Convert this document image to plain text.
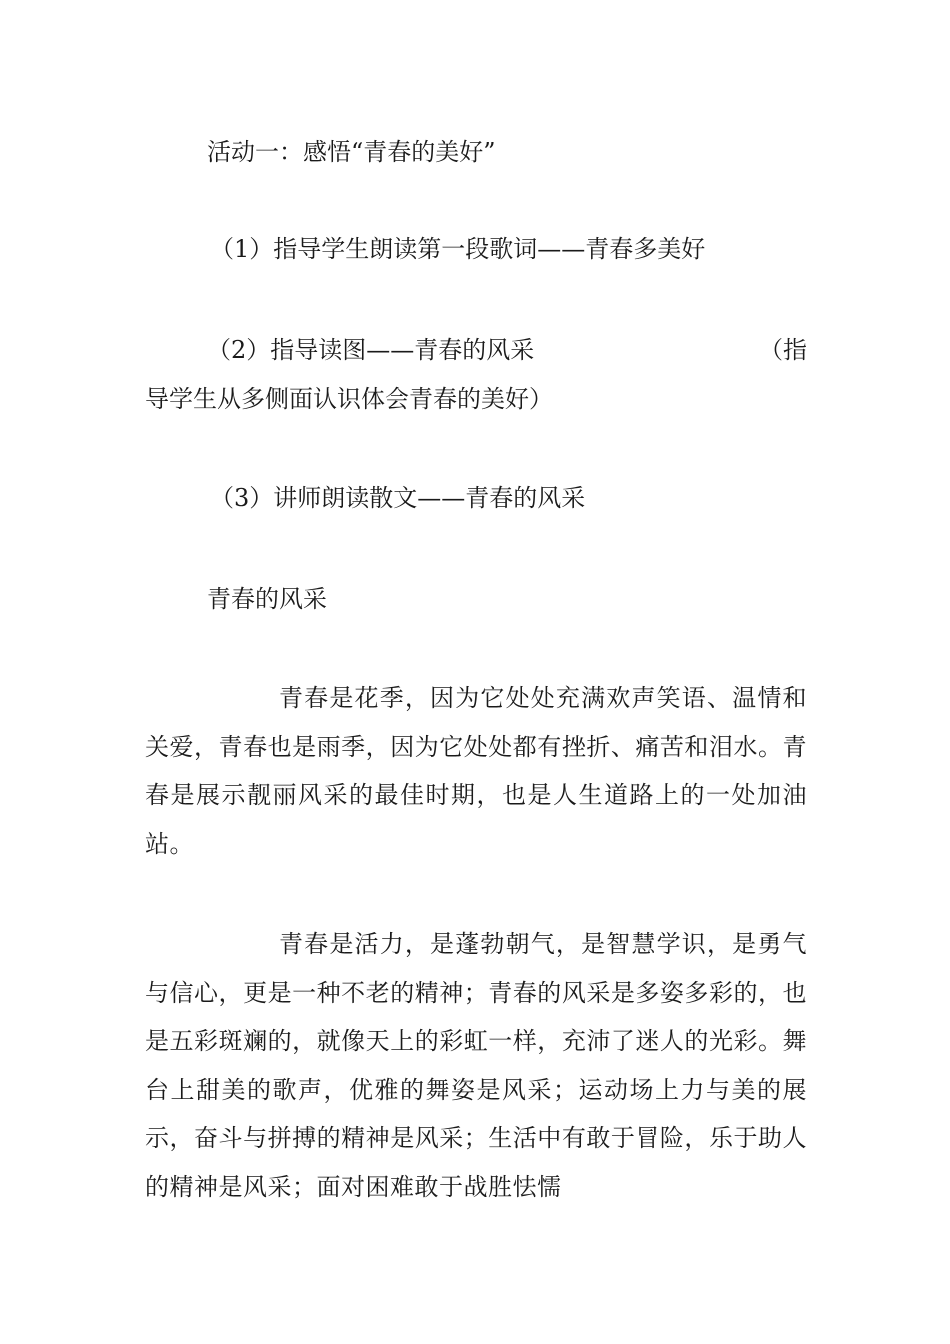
活动一：感悟“青春的美好”
（1）指导学生朗读第一段歌词——青春多美好
（2）指导读图——青春的风采	（指
导学生从多侧面认识体会青春的美好）
（3）讲师朗读散文——青春的风采
青春的风采
青春是花季，因为它处处充满欢声笑语、温情和关爱，青春也是雨季，因为它处处都有挫折、痛苦和泪水。青春是展示靓丽风采的最佳时期，也是人生道路上的一处加油站。
青春是活力，是蓬勃朝气，是智慧学识，是勇气与信心，更是一种不老的精神；青春的风采是多姿多彩的，也是五彩斑斓的，就像天上的彩虹一样，充沛了迷人的光彩。舞台上甜美的歌声，优雅的舞姿是风采；运动场上力与美的展示，奋斗与拼搏的精神是风采；生活中有敢于冒险，乐于助人的精神是风采；面对困难敢于战胜怯懦
